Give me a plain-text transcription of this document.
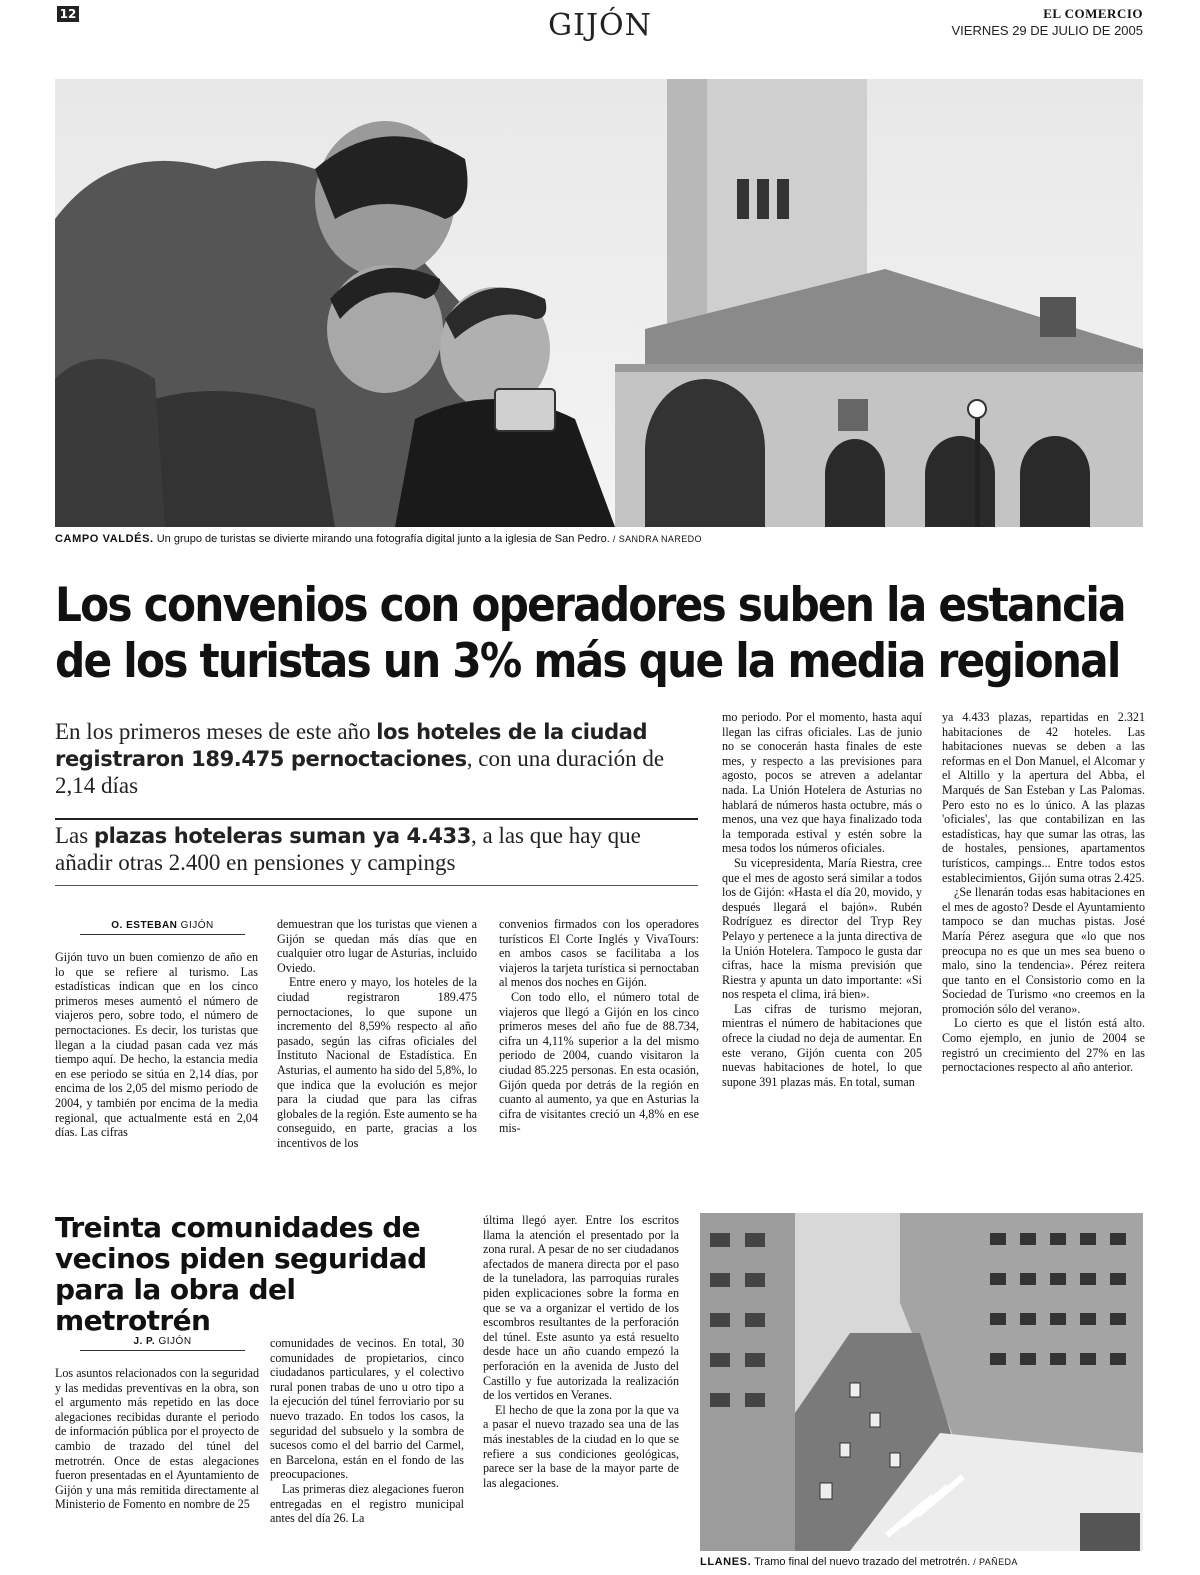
12	GIJÓN	EL COMERCIO
VIERNES 29 DE JULIO DE 2005
CAMPO VALDÉS. Un grupo de turistas se divierte mirando una fotografía digital junto a la iglesia de San Pedro. / SANDRA NAREDO
Los convenios con operadores suben la estancia
de los turistas un 3% más que la media regional
En los primeros meses de este año los hoteles de la ciudad registraron 189.475 pernoctaciones, con una duración de 2,14 días
Las plazas hoteleras suman ya 4.433, a las que hay que añadir otras 2.400 en pensiones y campings
O. ESTEBAN GIJÓN

Gijón tuvo un buen comienzo de año en lo que se refiere al turismo. Las estadísticas indican que en los cinco primeros meses aumentó el número de viajeros pero, sobre todo, el número de pernoctaciones. Es decir, los turistas que llegan a la ciudad pasan cada vez más tiempo aquí. De hecho, la estancia media en ese periodo se sitúa en 2,14 días, por encima de los 2,05 del mismo periodo de 2004, y también por encima de la media regional, que actualmente está en 2,04 días. Las cifras

demuestran que los turistas que vienen a Gijón se quedan más días que en cualquier otro lugar de Asturias, incluido Oviedo.

Entre enero y mayo, los hoteles de la ciudad registraron 189.475 pernoctaciones, lo que supone un incremento del 8,59% respecto al año pasado, según las cifras oficiales del Instituto Nacional de Estadística. En Asturias, el aumento ha sido del 5,8%, lo que indica que la evolución es mejor para la ciudad que para las cifras globales de la región. Este aumento se ha conseguido, en parte, gracias a los incentivos de los

convenios firmados con los operadores turísticos El Corte Inglés y VivaTours: en ambos casos se facilitaba a los viajeros la tarjeta turística si pernoctaban al menos dos noches en Gijón.

Con todo ello, el número total de viajeros que llegó a Gijón en los cinco primeros meses del año fue de 88.734, cifra un 4,11% superior a la del mismo periodo de 2004, cuando visitaron la ciudad 85.225 personas. En esta ocasión, Gijón queda por detrás de la región en cuanto al aumento, ya que en Asturias la cifra de visitantes creció un 4,8% en ese mis-

mo periodo. Por el momento, hasta aquí llegan las cifras oficiales. Las de junio no se conocerán hasta finales de este mes, y respecto a las previsiones para agosto, pocos se atreven a adelantar nada. La Unión Hotelera de Asturias no hablará de números hasta octubre, más o menos, una vez que haya finalizado toda la temporada estival y estén sobre la mesa todos los números oficiales.

Su vicepresidenta, María Riestra, cree que el mes de agosto será similar a todos los de Gijón: «Hasta el día 20, movido, y después llegará el bajón». Rubén Rodríguez es director del Tryp Rey Pelayo y pertenece a la junta directiva de la Unión Hotelera. Tampoco le gusta dar cifras, hace la misma previsión que Riestra y apunta un dato importante: «Si nos respeta el clima, irá bien».

Las cifras de turismo mejoran, mientras el número de habitaciones que ofrece la ciudad no deja de aumentar. En este verano, Gijón cuenta con 205 nuevas habitaciones de hotel, lo que supone 391 plazas más. En total, suman

ya 4.433 plazas, repartidas en 2.321 habitaciones de 42 hoteles. Las habitaciones nuevas se deben a las reformas en el Don Manuel, el Alcomar y el Altillo y la apertura del Abba, el Marqués de San Esteban y Las Palomas. Pero esto no es lo único. A las plazas 'oficiales', las que contabilizan en las estadísticas, hay que sumar las otras, las de hostales, pensiones, apartamentos turísticos, campings... Entre todos estos establecimientos, Gijón suma otras 2.425.

¿Se llenarán todas esas habitaciones en el mes de agosto? Desde el Ayuntamiento tampoco se dan muchas pistas. José María Pérez asegura que «lo que nos preocupa no es que un mes sea bueno o malo, sino la tendencia». Pérez reitera que tanto en el Consistorio como en la Sociedad de Turismo «no creemos en la promoción sólo del verano».

Lo cierto es que el listón está alto. Como ejemplo, en junio de 2004 se registró un crecimiento del 27% en las pernoctaciones respecto al año anterior.

Treinta comunidades de vecinos piden seguridad para la obra del metrotrén
J. P. GIJÓN

Los asuntos relacionados con la seguridad y las medidas preventivas en la obra, son el argumento más repetido en las doce alegaciones recibidas durante el periodo de información pública por el proyecto de cambio de trazado del túnel del metrotrén. Once de estas alegaciones fueron presentadas en el Ayuntamiento de Gijón y una más remitida directamente al Ministerio de Fomento en nombre de 25

comunidades de vecinos. En total, 30 comunidades de propietarios, cinco ciudadanos particulares, y el colectivo rural ponen trabas de uno u otro tipo a la ejecución del túnel ferroviario por su nuevo trazado. En todos los casos, la seguridad del subsuelo y la sombra de sucesos como el del barrio del Carmel, en Barcelona, están en el fondo de las preocupaciones.

Las primeras diez alegaciones fueron entregadas en el registro municipal antes del día 26. La

última llegó ayer. Entre los escritos llama la atención el presentado por la zona rural. A pesar de no ser ciudadanos afectados de manera directa por el paso de la tuneladora, las parroquias rurales piden explicaciones sobre la forma en que se va a organizar el vertido de los escombros resultantes de la perforación del túnel. Este asunto ya está resuelto desde hace un año cuando empezó la perforación en la avenida de Justo del Castillo y fue autorizada la realización de los vertidos en Veranes.

El hecho de que la zona por la que va a pasar el nuevo trazado sea una de las más inestables de la ciudad en lo que se refiere a sus condiciones geológicas, parece ser la base de la mayor parte de las alegaciones.

LLANES. Tramo final del nuevo trazado del metrotrén. / PAÑEDA
